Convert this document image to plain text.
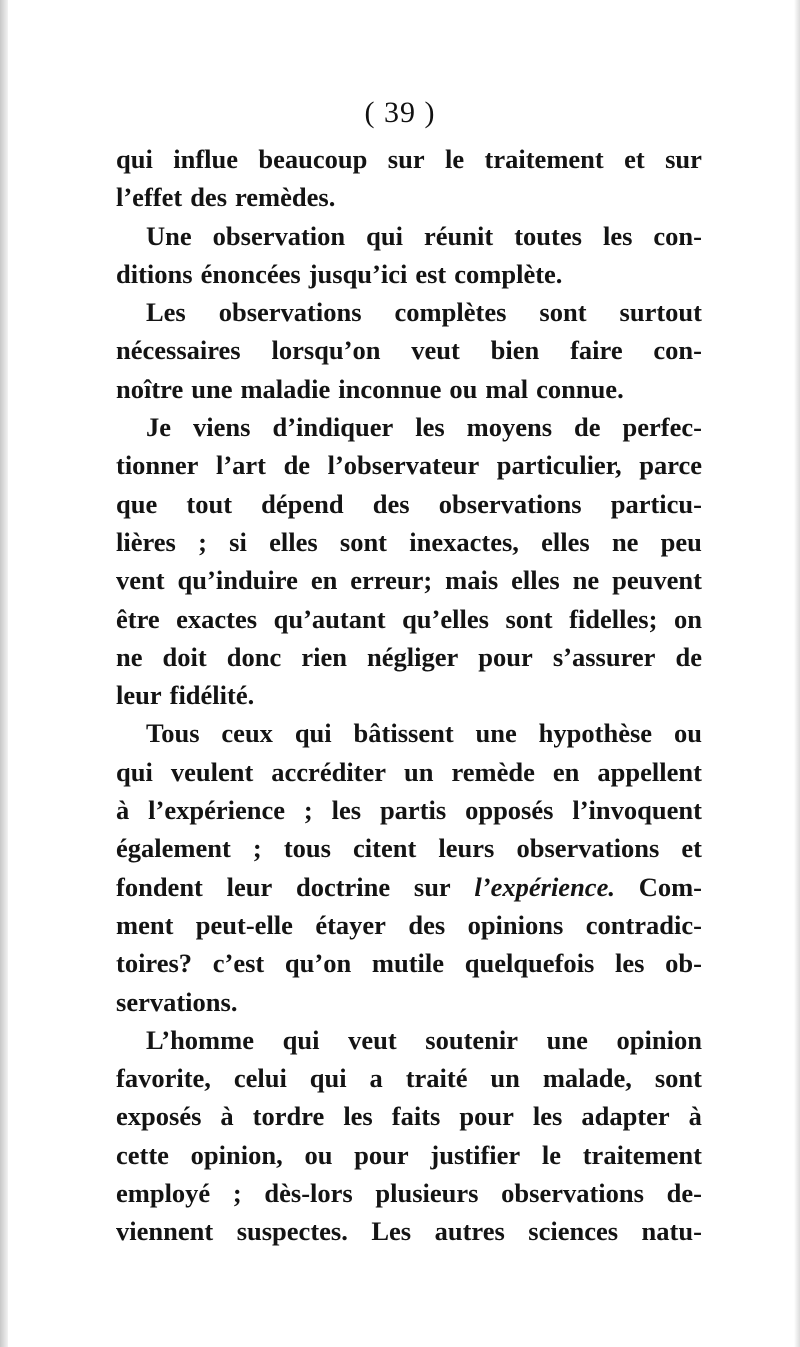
( 39 )
qui influe beaucoup sur le traitement et sur
l’effet des remèdes.
Une observation qui réunit toutes les con-
ditions énoncées jusqu’ici est complète.
Les observations complètes sont surtout
nécessaires lorsqu’on veut bien faire con-
noître une maladie inconnue ou mal connue.
Je viens d’indiquer les moyens de perfec-
tionner l’art de l’observateur particulier, parce
que tout dépend des observations particu-
lières ; si elles sont inexactes, elles ne peu
vent qu’induire en erreur; mais elles ne peuvent
être exactes qu’autant qu’elles sont fidelles; on
ne doit donc rien négliger pour s’assurer de
leur fidélité.
Tous ceux qui bâtissent une hypothèse ou
qui veulent accréditer un remède en appellent
à l’expérience ; les partis opposés l’invoquent
également ; tous citent leurs observations et
fondent leur doctrine sur l’expérience. Com-
ment peut-elle étayer des opinions contradic-
toires? c’est qu’on mutile quelquefois les ob-
servations.
L’homme qui veut soutenir une opinion
favorite, celui qui a traité un malade, sont
exposés à tordre les faits pour les adapter à
cette opinion, ou pour justifier le traitement
employé ; dès-lors plusieurs observations de-
viennent suspectes. Les autres sciences natu-
